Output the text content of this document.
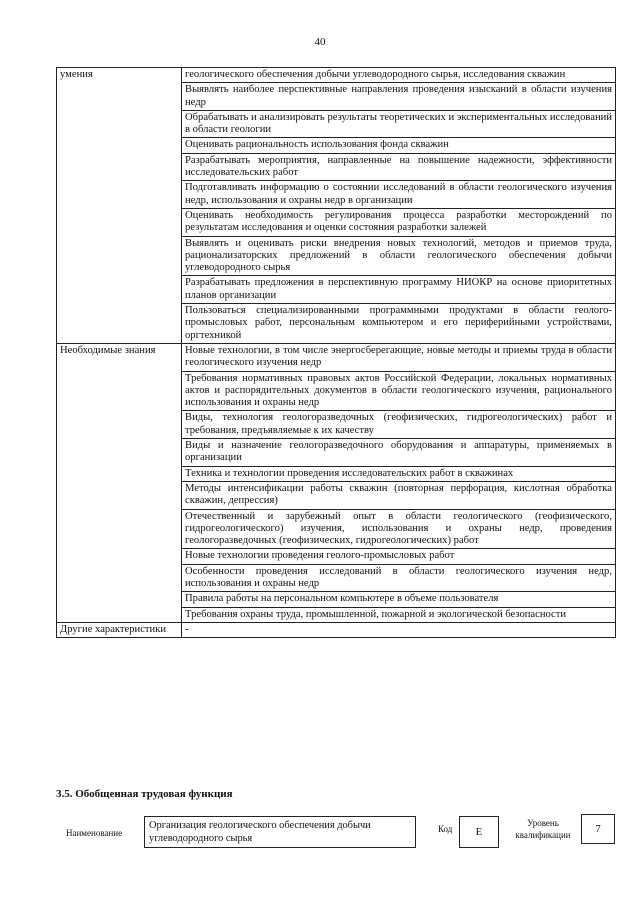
40
умения	геологического обеспечения добычи углеводородного сырья, исследования скважин
	Выявлять наиболее перспективные направления проведения изысканий в области изучения недр
	Обрабатывать и анализировать результаты теоретических и экспериментальных исследований в области геологии
	Оценивать рациональность использования фонда скважин
	Разрабатывать мероприятия, направленные на повышение надежности, эффективности исследовательских работ
	Подготавливать информацию о состоянии исследований в области геологического изучения недр, использования и охраны недр в организации
	Оценивать необходимость регулирования процесса разработки месторождений по результатам исследования и оценки состояния разработки залежей
	Выявлять и оценивать риски внедрения новых технологий, методов и приемов труда, рационализаторских предложений в области геологического обеспечения добычи углеводородного сырья
	Разрабатывать предложения в перспективную программу НИОКР на основе приоритетных планов организации
	Пользоваться специализированными программными продуктами в области геолого-промысловых работ, персональным компьютером и его периферийными устройствами, оргтехникой
Необходимые знания	Новые технологии, в том числе энергосберегающие, новые методы и приемы труда в области геологического изучения недр
	Требования нормативных правовых актов Российской Федерации, локальных нормативных актов и распорядительных документов в области геологического изучения, рационального использования и охраны недр
	Виды, технология геологоразведочных (геофизических, гидрогеологических) работ и требования, предъявляемые к их качеству
	Виды и назначение геологоразведочного оборудования и аппаратуры, применяемых в организации
	Техника и технологии проведения исследовательских работ в скважинах
	Методы интенсификации работы скважин (повторная перфорация, кислотная обработка скважин, депрессия)
	Отечественный и зарубежный опыт в области геологического (геофизического, гидрогеологического) изучения, использования и охраны недр, проведения геологоразведочных (геофизических, гидрогеологических) работ
	Новые технологии проведения геолого-промысловых работ
	Особенности проведения исследований в области геологического изучения недр, использования и охраны недр
	Правила работы на персональном компьютере в объеме пользователя
	Требования охраны труда, промышленной, пожарной и экологической безопасности
Другие характеристики	-
3.5. Обобщенная трудовая функция
Наименование
Организация геологического обеспечения добычи углеводородного сырья
Код	E
Уровень квалификации	7
